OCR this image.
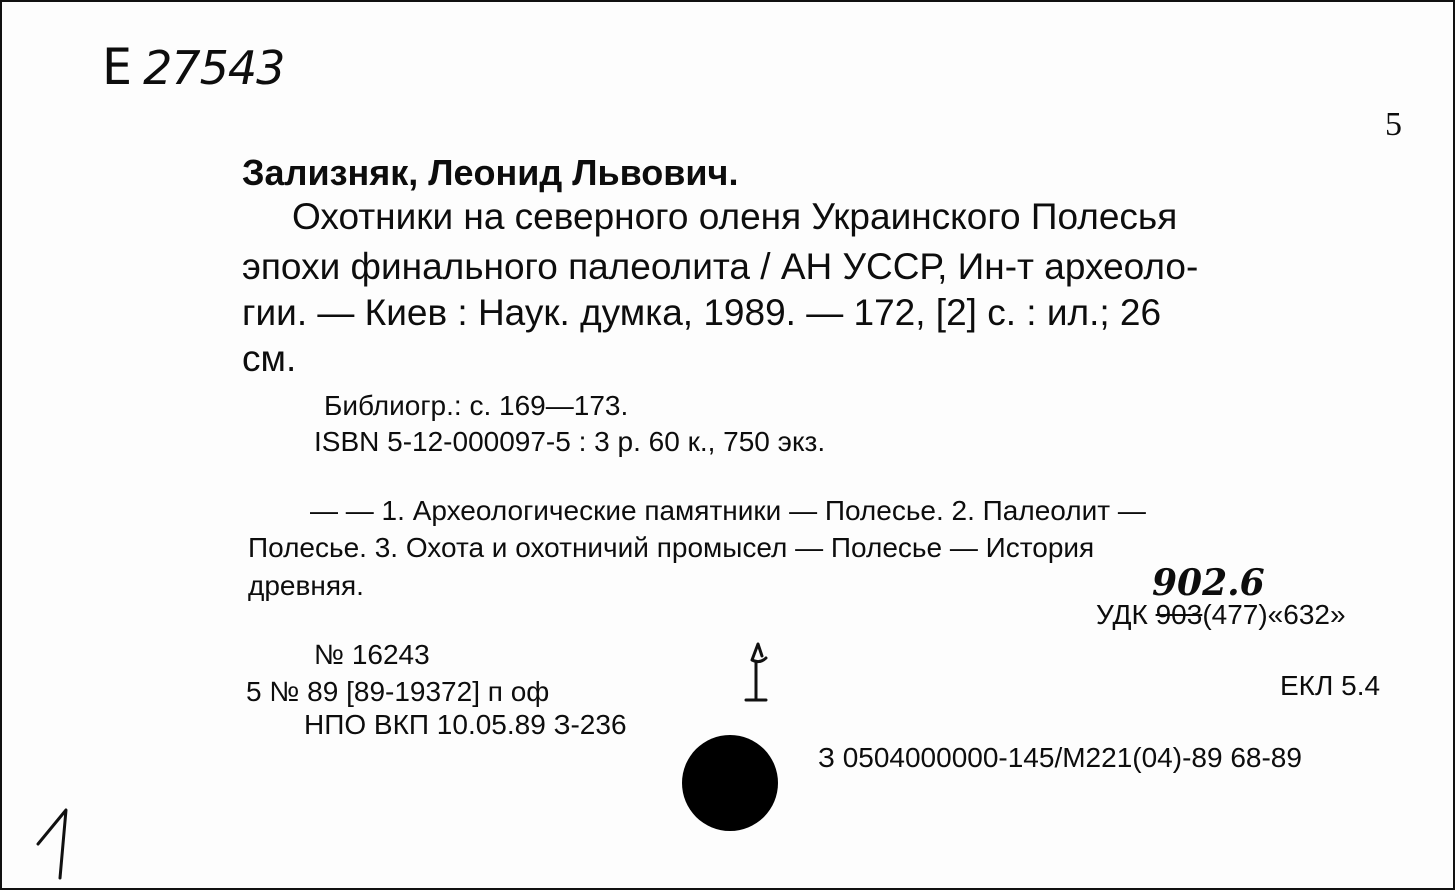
Е 27543
5
Зализняк, Леонид Львович.
Охотники на северного оленя Украинского Полесья
эпохи финального палеолита / АН УССР, Ин-т археоло-
гии. — Киев : Наук. думка, 1989. — 172, [2] с. : ил.; 26
см.
Библиогр.: с. 169—173.
ISBN 5-12-000097-5 : 3 р. 60 к., 750 экз.
— — 1. Археологические памятники — Полесье. 2. Палеолит —
Полесье. 3. Охота и охотничий промысел — Полесье — История
древняя.	902.6
УДК 903(477)«632»
№ 16243
5 № 89 [89-19372] п оф
НПО ВКП 10.05.89 З-236
ЕКЛ 5.4
З 0504000000-145/М221(04)-89 68-89
